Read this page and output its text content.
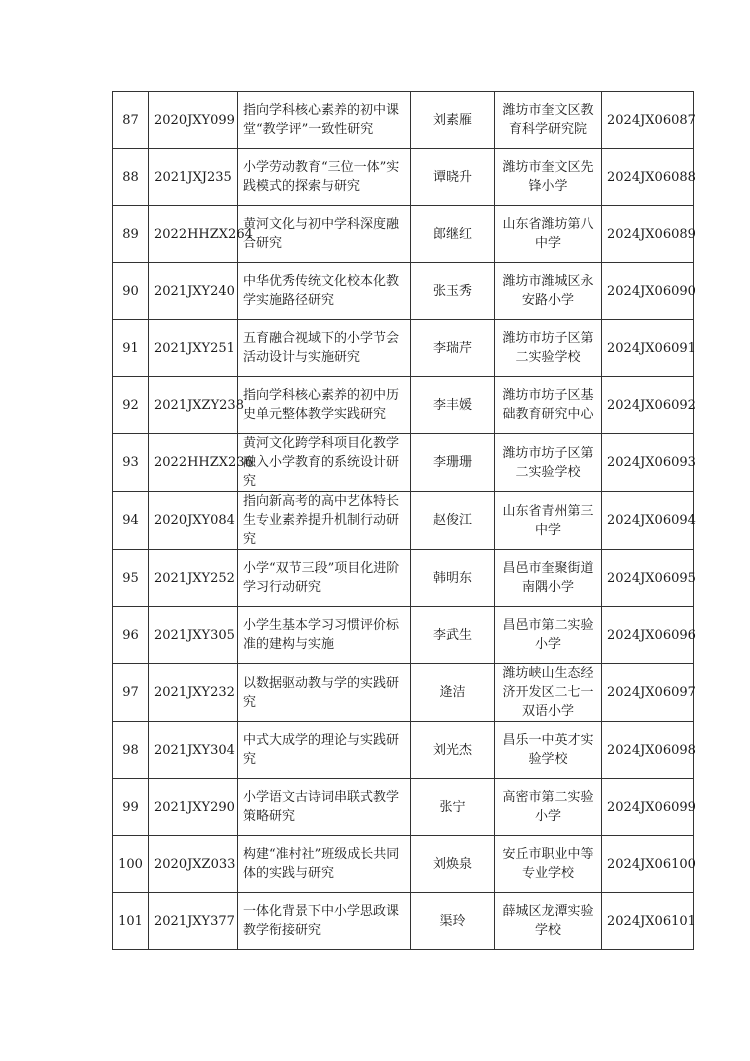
87	2020JXY099	指向学科核心素养的初中课堂“教学评”一致性研究	刘素雁	潍坊市奎文区教育科学研究院	2024JX06087
88	2021JXJ235	小学劳动教育“三位一体”实践模式的探索与研究	谭晓升	潍坊市奎文区先锋小学	2024JX06088
89	2022HHZX264	黄河文化与初中学科深度融合研究	郎继红	山东省潍坊第八中学	2024JX06089
90	2021JXY240	中华优秀传统文化校本化教学实施路径研究	张玉秀	潍坊市潍城区永安路小学	2024JX06090
91	2021JXY251	五育融合视域下的小学节会活动设计与实施研究	李瑞芹	潍坊市坊子区第二实验学校	2024JX06091
92	2021JXZY238	指向学科核心素养的初中历史单元整体教学实践研究	李丰媛	潍坊市坊子区基础教育研究中心	2024JX06092
93	2022HHZX236	黄河文化跨学科项目化教学融入小学教育的系统设计研究	李珊珊	潍坊市坊子区第二实验学校	2024JX06093
94	2020JXY084	指向新高考的高中艺体特长生专业素养提升机制行动研究	赵俊江	山东省青州第三中学	2024JX06094
95	2021JXY252	小学“双节三段”项目化进阶学习行动研究	韩明东	昌邑市奎聚街道南隅小学	2024JX06095
96	2021JXY305	小学生基本学习习惯评价标准的建构与实施	李武生	昌邑市第二实验小学	2024JX06096
97	2021JXY232	以数据驱动教与学的实践研究	逄洁	潍坊峡山生态经济开发区二七一双语小学	2024JX06097
98	2021JXY304	中式大成学的理论与实践研究	刘光杰	昌乐一中英才实验学校	2024JX06098
99	2021JXY290	小学语文古诗词串联式教学策略研究	张宁	高密市第二实验小学	2024JX06099
100	2020JXZ033	构建“准村社”班级成长共同体的实践与研究	刘焕泉	安丘市职业中等专业学校	2024JX06100
101	2021JXY377	一体化背景下中小学思政课教学衔接研究	渠玲	薛城区龙潭实验学校	2024JX06101
